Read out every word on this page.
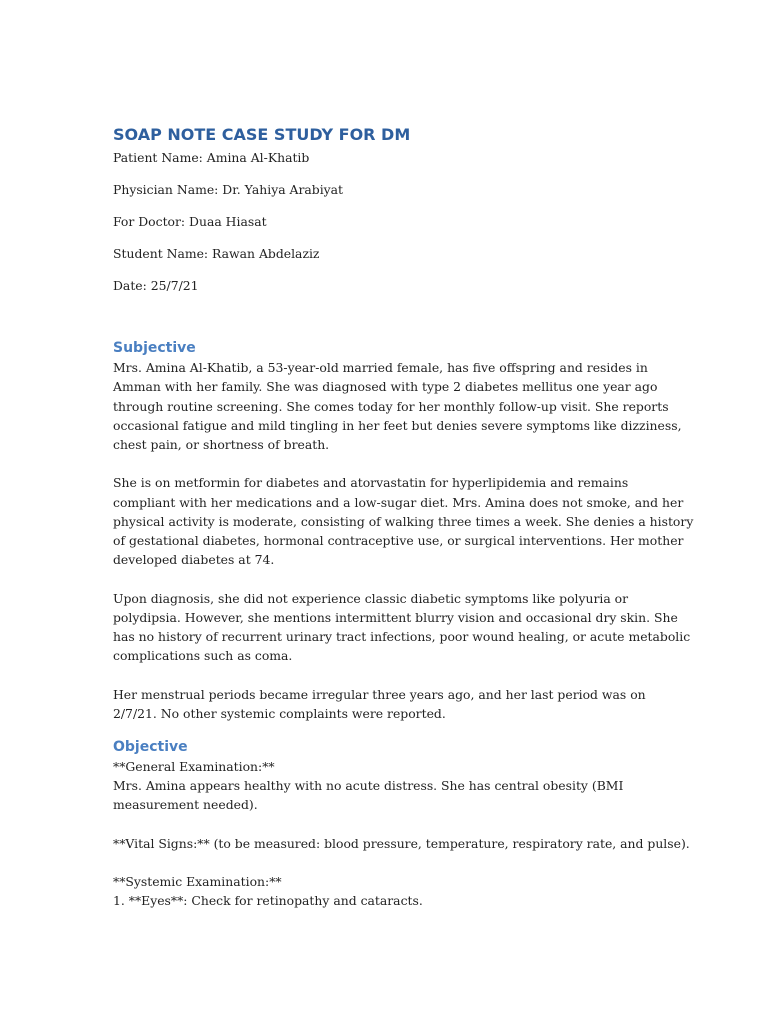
SOAP NOTE CASE STUDY FOR DM

Patient Name: Amina Al-Khatib

Physician Name: Dr. Yahiya Arabiyat

For Doctor: Duaa Hiasat

Student Name: Rawan Abdelaziz

Date: 25/7/21

Subjective

Mrs. Amina Al-Khatib, a 53-year-old married female, has five offspring and resides in
Amman with her family. She was diagnosed with type 2 diabetes mellitus one year ago
through routine screening. She comes today for her monthly follow-up visit. She reports
occasional fatigue and mild tingling in her feet but denies severe symptoms like dizziness,
chest pain, or shortness of breath.

She is on metformin for diabetes and atorvastatin for hyperlipidemia and remains
compliant with her medications and a low-sugar diet. Mrs. Amina does not smoke, and her
physical activity is moderate, consisting of walking three times a week. She denies a history
of gestational diabetes, hormonal contraceptive use, or surgical interventions. Her mother
developed diabetes at 74.

Upon diagnosis, she did not experience classic diabetic symptoms like polyuria or
polydipsia. However, she mentions intermittent blurry vision and occasional dry skin. She
has no history of recurrent urinary tract infections, poor wound healing, or acute metabolic
complications such as coma.

Her menstrual periods became irregular three years ago, and her last period was on
2/7/21. No other systemic complaints were reported.

Objective

**General Examination:**
Mrs. Amina appears healthy with no acute distress. She has central obesity (BMI
measurement needed).

**Vital Signs:** (to be measured: blood pressure, temperature, respiratory rate, and pulse).

**Systemic Examination:**
1. **Eyes**: Check for retinopathy and cataracts.
